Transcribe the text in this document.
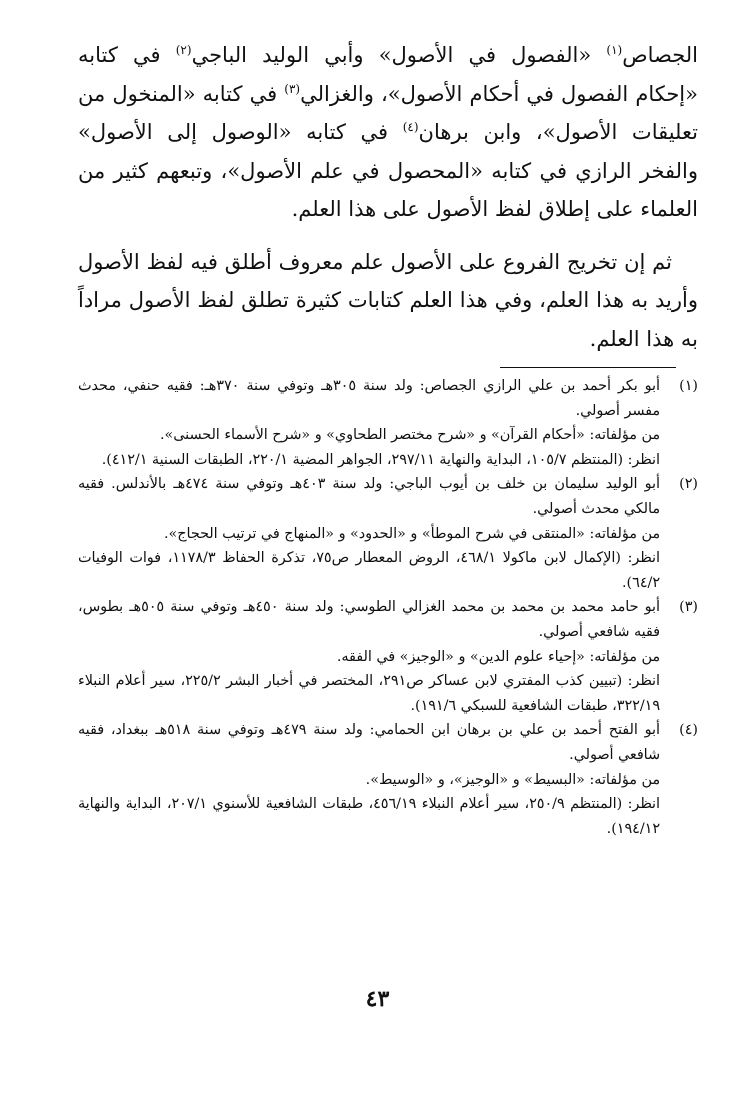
الجصاص$^{(١)}$ «الفصول في الأصول» وأبي الوليد الباجي$^{(٢)}$ في كتابه «إحكام الفصول في أحكام الأصول»، والغزالي$^{(٣)}$ في كتابه «المنخول من تعليقات الأصول»، وابن برهان$^{(٤)}$ في كتابه «الوصول إلى الأصول» والفخر الرازي في كتابه «المحصول في علم الأصول»، وتبعهم كثير من العلماء على إطلاق لفظ الأصول على هذا العلم.

ثم إن تخريج الفروع على الأصول علم معروف أطلق فيه لفظ الأصول وأريد به هذا العلم، وفي هذا العلم كتابات كثيرة تطلق لفظ الأصول مراداً به هذا العلم.

(١)

أبو بكر أحمد بن علي الرازي الجصاص: ولد سنة ٣٠٥هـ وتوفي سنة ٣٧٠هـ: فقيه حنفي، محدث مفسر أصولي.

من مؤلفاته: «أحكام القرآن» و «شرح مختصر الطحاوي» و «شرح الأسماء الحسنى».

انظر: (المنتظم ١٠٥/٧، البداية والنهاية ٢٩٧/١١، الجواهر المضية ٢٢٠/١، الطبقات السنية ٤١٢/١).

(٢)

أبو الوليد سليمان بن خلف بن أيوب الباجي: ولد سنة ٤٠٣هـ وتوفي سنة ٤٧٤هـ بالأندلس. فقيه مالكي محدث أصولي.

من مؤلفاته: «المنتقى في شرح الموطأ» و «الحدود» و «المنهاج في ترتيب الحجاج».

انظر: (الإكمال لابن ماكولا ٤٦٨/١، الروض المعطار ص٧٥، تذكرة الحفاظ ١١٧٨/٣، فوات الوفيات ٦٤/٢).

(٣)

أبو حامد محمد بن محمد بن محمد الغزالي الطوسي: ولد سنة ٤٥٠هـ وتوفي سنة ٥٠٥هـ بطوس، فقيه شافعي أصولي.

من مؤلفاته: «إحياء علوم الدين» و «الوجيز» في الفقه.

انظر: (تبيين كذب المفتري لابن عساكر ص٢٩١، المختصر في أخبار البشر ٢٢٥/٢، سير أعلام النبلاء ٣٢٢/١٩، طبقات الشافعية للسبكي ١٩١/٦).

(٤)

أبو الفتح أحمد بن علي بن برهان ابن الحمامي: ولد سنة ٤٧٩هـ وتوفي سنة ٥١٨هـ ببغداد، فقيه شافعي أصولي.

من مؤلفاته: «البسيط» و «الوجيز»، و «الوسيط».

انظر: (المنتظم ٢٥٠/٩، سير أعلام النبلاء ٤٥٦/١٩، طبقات الشافعية للأسنوي ٢٠٧/١، البداية والنهاية ١٩٤/١٢).

٤٣
